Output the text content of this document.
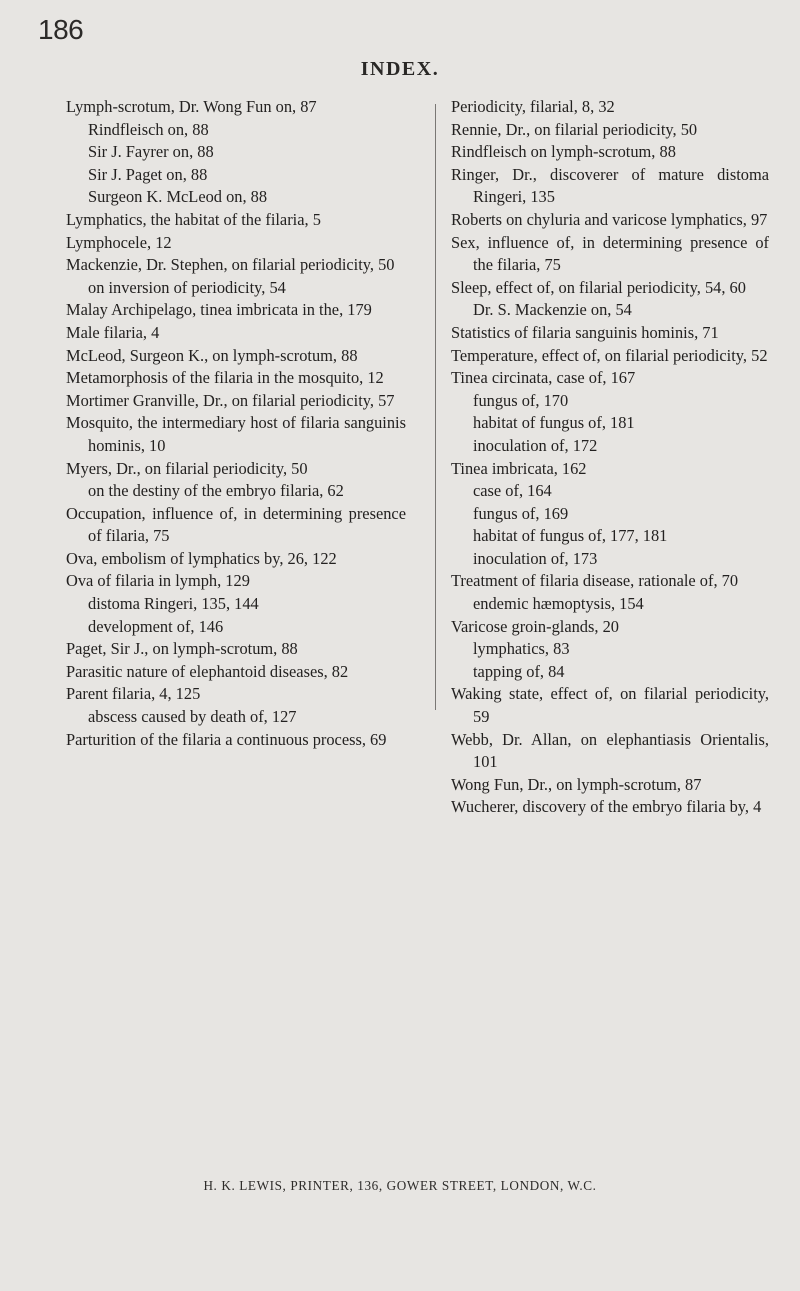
186
INDEX.

Lymph-scrotum, Dr. Wong Fun on, 87

Rindfleisch on, 88

Sir J. Fayrer on, 88

Sir J. Paget on, 88

Surgeon K. McLeod on, 88

Lymphatics, the habitat of the filaria, 5

Lymphocele, 12

Mackenzie, Dr. Stephen, on filarial periodicity, 50

on inversion of periodicity, 54

Malay Archipelago, tinea imbricata in the, 179

Male filaria, 4

McLeod, Surgeon K., on lymph-scrotum, 88

Metamorphosis of the filaria in the mosquito, 12

Mortimer Granville, Dr., on filarial periodicity, 57

Mosquito, the intermediary host of filaria sanguinis hominis, 10

Myers, Dr., on filarial periodicity, 50

on the destiny of the embryo filaria, 62

Occupation, influence of, in determining presence of filaria, 75

Ova, embolism of lymphatics by, 26, 122

Ova of filaria in lymph, 129

distoma Ringeri, 135, 144

development of, 146

Paget, Sir J., on lymph-scrotum, 88

Parasitic nature of elephantoid diseases, 82

Parent filaria, 4, 125

abscess caused by death of, 127

Parturition of the filaria a continuous process, 69

Periodicity, filarial, 8, 32

Rennie, Dr., on filarial periodicity, 50

Rindfleisch on lymph-scrotum, 88

Ringer, Dr., discoverer of mature distoma Ringeri, 135

Roberts on chyluria and varicose lymphatics, 97

Sex, influence of, in determining presence of the filaria, 75

Sleep, effect of, on filarial periodicity, 54, 60

Dr. S. Mackenzie on, 54

Statistics of filaria sanguinis hominis, 71

Temperature, effect of, on filarial periodicity, 52

Tinea circinata, case of, 167

fungus of, 170

habitat of fungus of, 181

inoculation of, 172

Tinea imbricata, 162

case of, 164

fungus of, 169

habitat of fungus of, 177, 181

inoculation of, 173

Treatment of filaria disease, rationale of, 70

endemic hæmoptysis, 154

Varicose groin-glands, 20

lymphatics, 83

tapping of, 84

Waking state, effect of, on filarial periodicity, 59

Webb, Dr. Allan, on elephantiasis Orientalis, 101

Wong Fun, Dr., on lymph-scrotum, 87

Wucherer, discovery of the embryo filaria by, 4

H. K. LEWIS, PRINTER, 136, GOWER STREET, LONDON, W.C.
